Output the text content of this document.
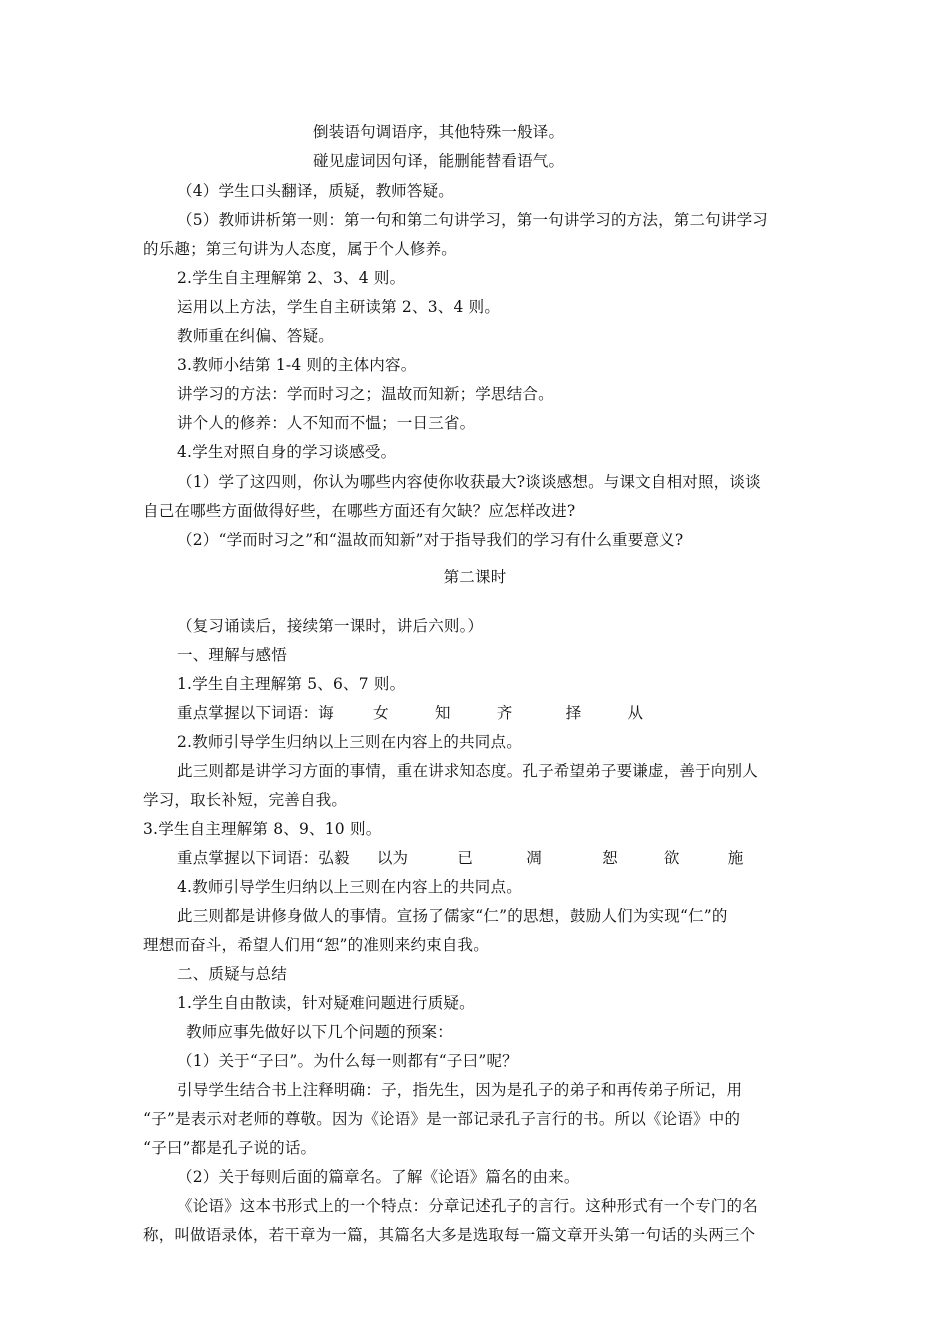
倒装语句调语序，其他特殊一般译。
碰见虚词因句译，能删能替看语气。
（4）学生口头翻译，质疑，教师答疑。
（5）教师讲析第一则：第一句和第二句讲学习，第一句讲学习的方法，第二句讲学习
的乐趣；第三句讲为人态度，属于个人修养。
2.学生自主理解第 2、3、4 则。
运用以上方法，学生自主研读第 2、3、4 则。
教师重在纠偏、答疑。
3.教师小结第 1-4 则的主体内容。
讲学习的方法：学而时习之；温故而知新；学思结合。
讲个人的修养：人不知而不愠；一日三省。
4.学生对照自身的学习谈感受。
（1）学了这四则，你认为哪些内容使你收获最大?谈谈感想。与课文自相对照，谈谈
自己在哪些方面做得好些，在哪些方面还有欠缺？应怎样改进?
（2）“学而时习之”和“温故而知新”对于指导我们的学习有什么重要意义?
第二课时
（复习诵读后，接续第一课时，讲后六则。）
一、理解与感悟
1.学生自主理解第 5、6、7 则。
重点掌握以下词语：诲	女	知	齐	择	从
2.教师引导学生归纳以上三则在内容上的共同点。
此三则都是讲学习方面的事情，重在讲求知态度。孔子希望弟子要谦虚，善于向别人
学习，取长补短，完善自我。
3.学生自主理解第 8、9、10 则。
重点掌握以下词语：弘毅 以为	已	凋	恕	欲	施
4.教师引导学生归纳以上三则在内容上的共同点。
此三则都是讲修身做人的事情。宣扬了儒家“仁”的思想，鼓励人们为实现“仁”的
理想而奋斗，希望人们用“恕”的准则来约束自我。
二、质疑与总结
1.学生自由散读，针对疑难问题进行质疑。
教师应事先做好以下几个问题的预案：
（1）关于“子曰”。为什么每一则都有“子曰”呢？
引导学生结合书上注释明确：子，指先生，因为是孔子的弟子和再传弟子所记，用
“子”是表示对老师的尊敬。因为《论语》是一部记录孔子言行的书。所以《论语》中的
“子曰”都是孔子说的话。
（2）关于每则后面的篇章名。了解《论语》篇名的由来。
《论语》这本书形式上的一个特点：分章记述孔子的言行。这种形式有一个专门的名
称，叫做语录体，若干章为一篇，其篇名大多是选取每一篇文章开头第一句话的头两三个
